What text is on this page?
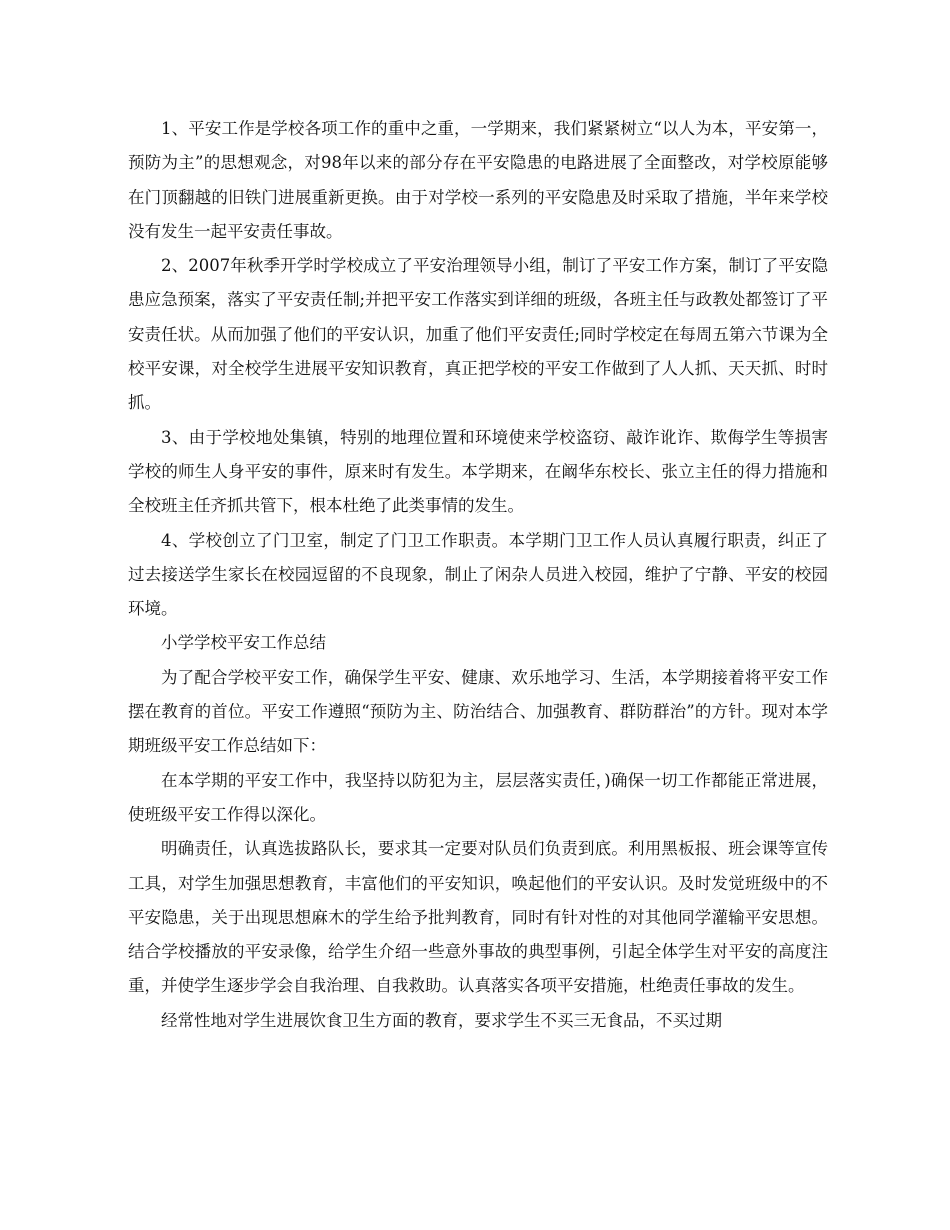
1、平安工作是学校各项工作的重中之重，一学期来，我们紧紧树立“以人为本，平安第一，预防为主”的思想观念，对98年以来的部分存在平安隐患的电路进展了全面整改，对学校原能够在门顶翻越的旧铁门进展重新更换。由于对学校一系列的平安隐患及时采取了措施，半年来学校没有发生一起平安责任事故。

2、2007年秋季开学时学校成立了平安治理领导小组，制订了平安工作方案，制订了平安隐患应急预案，落实了平安责任制;并把平安工作落实到详细的班级，各班主任与政教处都签订了平安责任状。从而加强了他们的平安认识，加重了他们平安责任;同时学校定在每周五第六节课为全校平安课，对全校学生进展平安知识教育，真正把学校的平安工作做到了人人抓、天天抓、时时抓。

3、由于学校地处集镇，特别的地理位置和环境使来学校盗窃、敲诈讹诈、欺侮学生等损害学校的师生人身平安的事件，原来时有发生。本学期来，在阚华东校长、张立主任的得力措施和全校班主任齐抓共管下，根本杜绝了此类事情的发生。

4、学校创立了门卫室，制定了门卫工作职责。本学期门卫工作人员认真履行职责，纠正了过去接送学生家长在校园逗留的不良现象，制止了闲杂人员进入校园，维护了宁静、平安的校园环境。

小学学校平安工作总结

为了配合学校平安工作，确保学生平安、健康、欢乐地学习、生活，本学期接着将平安工作摆在教育的首位。平安工作遵照“预防为主、防治结合、加强教育、群防群治”的方针。现对本学期班级平安工作总结如下：

在本学期的平安工作中，我坚持以防犯为主，层层落实责任，)确保一切工作都能正常进展，使班级平安工作得以深化。

明确责任，认真选拔路队长，要求其一定要对队员们负责到底。利用黑板报、班会课等宣传工具，对学生加强思想教育，丰富他们的平安知识，唤起他们的平安认识。及时发觉班级中的不平安隐患，关于出现思想麻木的学生给予批判教育，同时有针对性的对其他同学灌输平安思想。结合学校播放的平安录像，给学生介绍一些意外事故的典型事例，引起全体学生对平安的高度注重，并使学生逐步学会自我治理、自我救助。认真落实各项平安措施，杜绝责任事故的发生。

经常性地对学生进展饮食卫生方面的教育，要求学生不买三无食品，不买过期
